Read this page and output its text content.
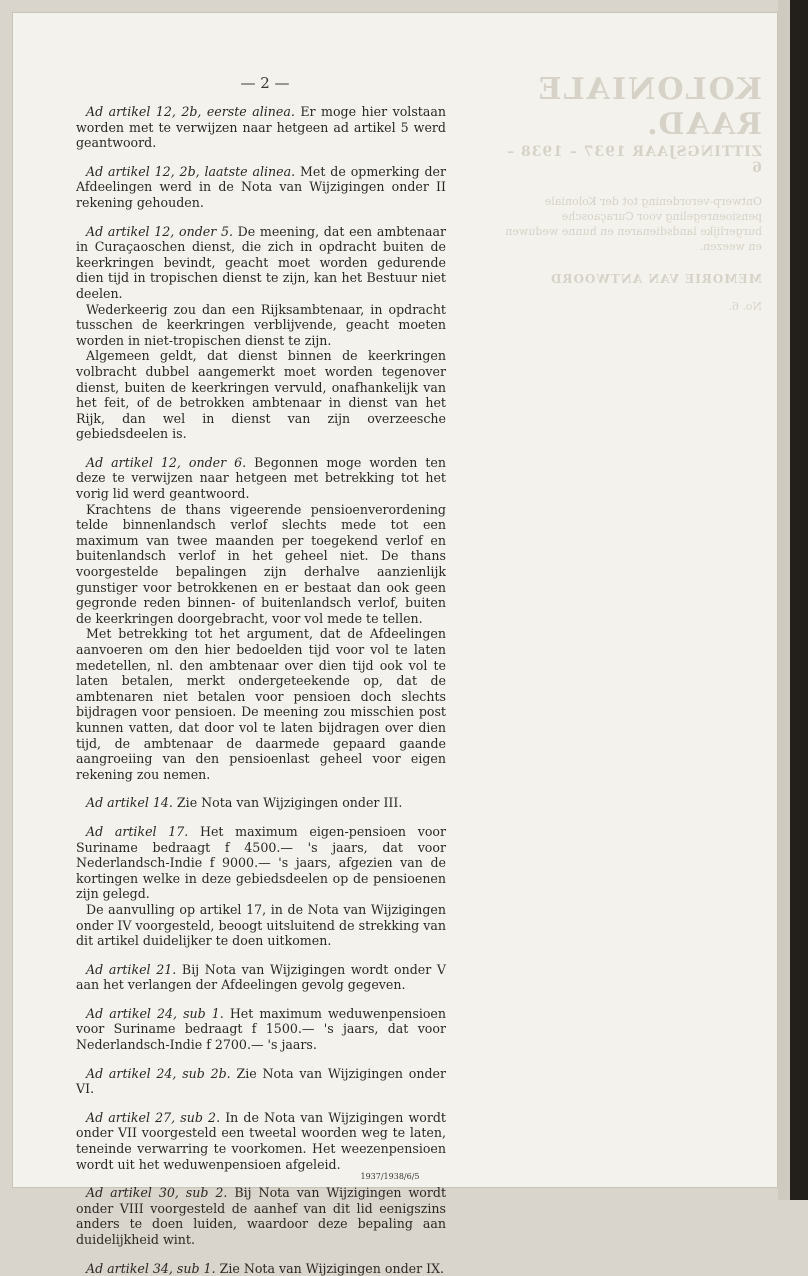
KOLONIALE RAAD.
ZITTINGSJAAR 1937 – 1938 – 6
Ontwerp-verordening tot der Koloniale pensioenregeling voor Curaçaosche burgerlijke landsdienaren en hunne weduwen en weezen.
MEMORIE VAN ANTWOORD
No. 6.
— 2 —

Ad artikel 12, 2b, eerste alinea. Er moge hier volstaan worden met te verwijzen naar hetgeen ad artikel 5 werd geantwoord.

Ad artikel 12, 2b, laatste alinea. Met de opmerking der Afdeelingen werd in de Nota van Wijzigingen onder II rekening gehouden.

Ad artikel 12, onder 5. De meening, dat een ambtenaar in Curaçaoschen dienst, die zich in opdracht buiten de keerkringen bevindt, geacht moet worden gedurende dien tijd in tropischen dienst te zijn, kan het Bestuur niet deelen.

Wederkeerig zou dan een Rijksambtenaar, in opdracht tusschen de keerkringen verblijvende, geacht moeten worden in niet-tropischen dienst te zijn.

Algemeen geldt, dat dienst binnen de keerkringen volbracht dubbel aangemerkt moet worden tegenover dienst, buiten de keerkringen vervuld, onafhankelijk van het feit, of de betrokken ambtenaar in dienst van het Rijk, dan wel in dienst van zijn overzeesche gebiedsdeelen is.

Ad artikel 12, onder 6. Begonnen moge worden ten deze te verwijzen naar hetgeen met betrekking tot het vorig lid werd geantwoord.

Krachtens de thans vigeerende pensioenverordening telde binnenlandsch verlof slechts mede tot een maximum van twee maanden per toegekend verlof en buitenlandsch verlof in het geheel niet. De thans voorgestelde bepalingen zijn derhalve aanzienlijk gunstiger voor betrokkenen en er bestaat dan ook geen gegronde reden binnen- of buitenlandsch verlof, buiten de keerkringen doorgebracht, voor vol mede te tellen.

Met betrekking tot het argument, dat de Afdeelingen aanvoeren om den hier bedoelden tijd voor vol te laten medetellen, nl. den ambtenaar over dien tijd ook vol te laten betalen, merkt ondergeteekende op, dat de ambtenaren niet betalen voor pensioen doch slechts bijdragen voor pensioen. De meening zou misschien post kunnen vatten, dat door vol te laten bijdragen over dien tijd, de ambtenaar de daarmede gepaard gaande aangroeiing van den pensioenlast geheel voor eigen rekening zou nemen.

Ad artikel 14. Zie Nota van Wijzigingen onder III.

Ad artikel 17. Het maximum eigen-pensioen voor Suriname bedraagt f 4500.— 's jaars, dat voor Nederlandsch-Indie f 9000.— 's jaars, afgezien van de kortingen welke in deze gebiedsdeelen op de pensioenen zijn gelegd.

De aanvulling op artikel 17, in de Nota van Wijzigingen onder IV voorgesteld, beoogt uitsluitend de strekking van dit artikel duidelijker te doen uitkomen.

Ad artikel 21. Bij Nota van Wijzigingen wordt onder V aan het verlangen der Afdeelingen gevolg gegeven.

Ad artikel 24, sub 1. Het maximum weduwenpensioen voor Suriname bedraagt f 1500.— 's jaars, dat voor Nederlandsch-Indie f 2700.— 's jaars.

Ad artikel 24, sub 2b. Zie Nota van Wijzigingen onder VI.

Ad artikel 27, sub 2. In de Nota van Wijzigingen wordt onder VII voorgesteld een tweetal woorden weg te laten, teneinde verwarring te voorkomen. Het weezenpensioen wordt uit het weduwenpensioen afgeleid.

Ad artikel 30, sub 2. Bij Nota van Wijzigingen wordt onder VIII voorgesteld de aanhef van dit lid eenigszins anders te doen luiden, waardoor deze bepaling aan duidelijkheid wint.

Ad artikel 34, sub 1. Zie Nota van Wijzigingen onder IX.

1937/1938/6/5
